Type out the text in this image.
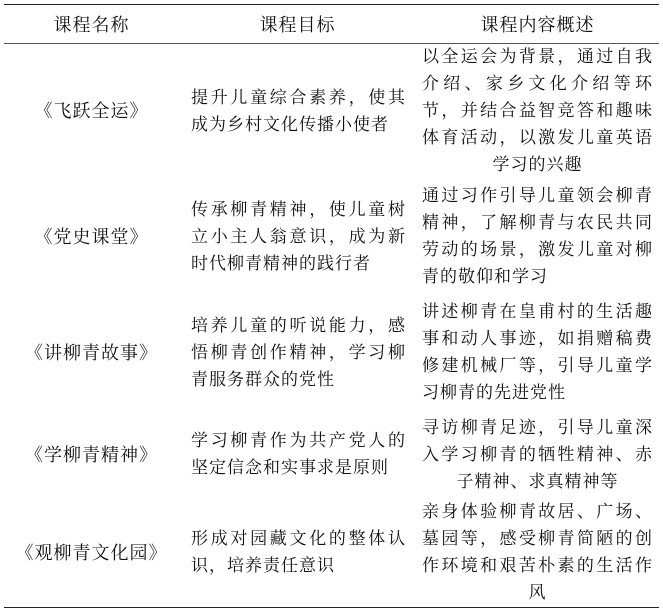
课程名称	课程目标	课程内容概述
《飞跃全运》	提升儿童综合素养，使其成为乡村文化传播小使者	以全运会为背景，通过自我介绍、家乡文化介绍等环节，并结合益智竞答和趣味体育活动，以激发儿童英语学习的兴趣
《党史课堂》	传承柳青精神，使儿童树立小主人翁意识，成为新时代柳青精神的践行者	通过习作引导儿童领会柳青精神，了解柳青与农民共同劳动的场景，激发儿童对柳青的敬仰和学习
《讲柳青故事》	培养儿童的听说能力，感悟柳青创作精神，学习柳青服务群众的党性	讲述柳青在皇甫村的生活趣事和动人事迹，如捐赠稿费修建机械厂等，引导儿童学习柳青的先进党性
《学柳青精神》	学习柳青作为共产党人的坚定信念和实事求是原则	寻访柳青足迹，引导儿童深入学习柳青的牺牲精神、赤子精神、求真精神等
《观柳青文化园》	形成对园藏文化的整体认识，培养责任意识	亲身体验柳青故居、广场、墓园等，感受柳青简陋的创作环境和艰苦朴素的生活作风
